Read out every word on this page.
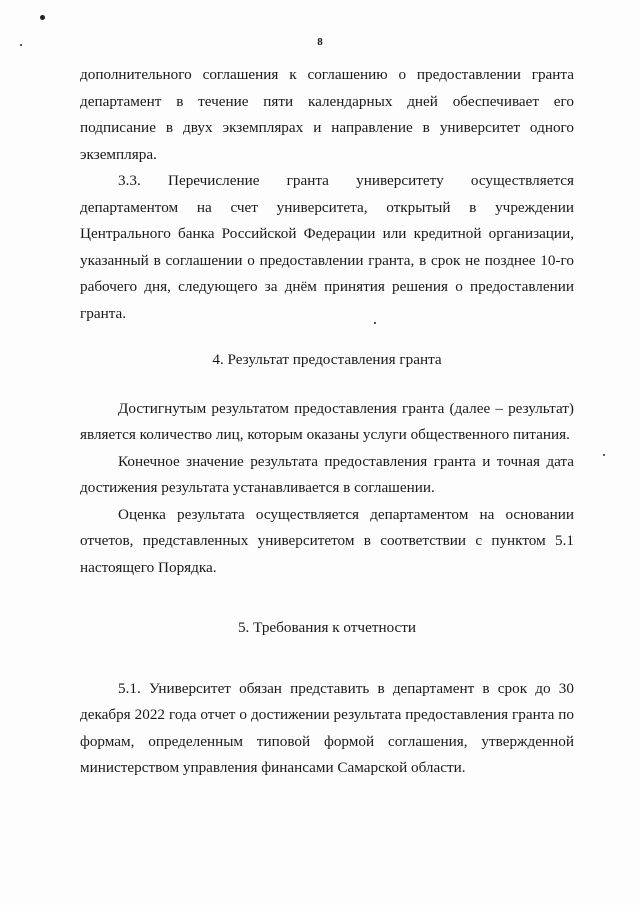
8

дополнительного соглашения к соглашению о предоставлении гранта департамент в течение пяти календарных дней обеспечивает его подписание в двух экземплярах и направление в университет одного экземпляра.

3.3. Перечисление гранта университету осуществляется департаментом на счет университета, открытый в учреждении Центрального банка Российской Федерации или кредитной организации, указанный в соглашении о предоставлении гранта, в срок не позднее 10-го рабочего дня, следующего за днём принятия решения о предоставлении гранта.

4. Результат предоставления гранта

Достигнутым результатом предоставления гранта (далее – результат) является количество лиц, которым оказаны услуги общественного питания.

Конечное значение результата предоставления гранта и точная дата достижения результата устанавливается в соглашении.

Оценка результата осуществляется департаментом на основании отчетов, представленных университетом в соответствии с пунктом 5.1 настоящего Порядка.

5. Требования к отчетности

5.1. Университет обязан представить в департамент в срок до 30 декабря 2022 года отчет о достижении результата предоставления гранта по формам, определенным типовой формой соглашения, утвержденной министерством управления финансами Самарской области.
